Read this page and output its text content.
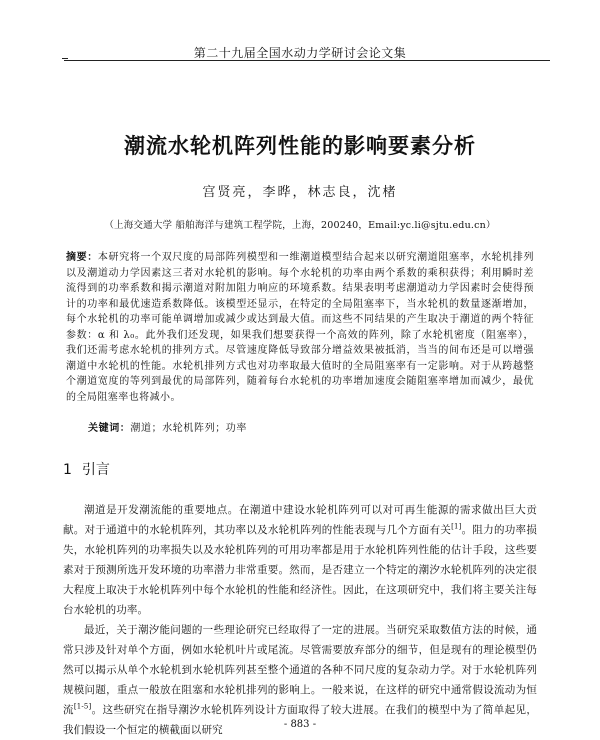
第二十九届全国水动力学研讨会论文集
潮流水轮机阵列性能的影响要素分析
宫贤亮，李晔，林志良，沈楮
（上海交通大学 船舶海洋与建筑工程学院，上海，200240，Email:yc.li@sjtu.edu.cn）
摘要：本研究将一个双尺度的局部阵列模型和一维潮道模型结合起来以研究潮道阻塞率，水轮机排列以及潮道动力学因素这三者对水轮机的影响。每个水轮机的功率由两个系数的乘积获得；利用瞬时差流得到的功率系数和揭示潮道对附加阻力响应的环境系数。结果表明考虑潮道动力学因素时会使得预计的功率和最优速造系数降低。该模型还显示，在特定的全局阻塞率下，当水轮机的数量逐渐增加，每个水轮机的功率可能单调增加或减少或达到最大值。而这些不同结果的产生取决于潮道的两个特征参数：α 和 λ₀。此外我们还发现，如果我们想要获得一个高效的阵列，除了水轮机密度（阻塞率），我们还需考虑水轮机的排列方式。尽管速度降低导致部分增益效果被抵消，当当的间布还是可以增强潮道中水轮机的性能。水轮机排列方式也对功率取最大值时的全局阻塞率有一定影响。对于从跨越整个潮道宽度的等列到最优的局部阵列，随着每台水轮机的功率增加速度会随阻塞率增加而减少，最优的全局阻塞率也将减小。
关键词：潮道；水轮机阵列；功率
1 引言

潮道是开发潮流能的重要地点。在潮道中建设水轮机阵列可以对可再生能源的需求做出巨大贡献。对于通道中的水轮机阵列，其功率以及水轮机阵列的性能表现与几个方面有关[1]。阻力的功率损失，水轮机阵列的功率损失以及水轮机阵列的可用功率都是用于水轮机阵列性能的估计手段，这些要素对于预测所选开发环境的功率潜力非常重要。然而，是否建立一个特定的潮汐水轮机阵列的决定很大程度上取决于水轮机阵列中每个水轮机的性能和经济性。因此，在这项研究中，我们将主要关注每台水轮机的功率。

最近，关于潮汐能问题的一些理论研究已经取得了一定的进展。当研究采取数值方法的时候，通常只涉及针对单个方面，例如水轮机叶片或尾流。尽管需要放弃部分的细节，但是现有的理论模型仍然可以揭示从单个水轮机到水轮机阵列甚至整个通道的各种不同尺度的复杂动力学。对于水轮机阵列规模问题，重点一般放在阻塞和水轮机排列的影响上。一般来说，在这样的研究中通常假设流动为恒流[1-5]。这些研究在指导潮汐水轮机阵列设计方面取得了较大进展。在我们的模型中为了简单起见，我们假设一个恒定的横截面以研究	- 883 -
